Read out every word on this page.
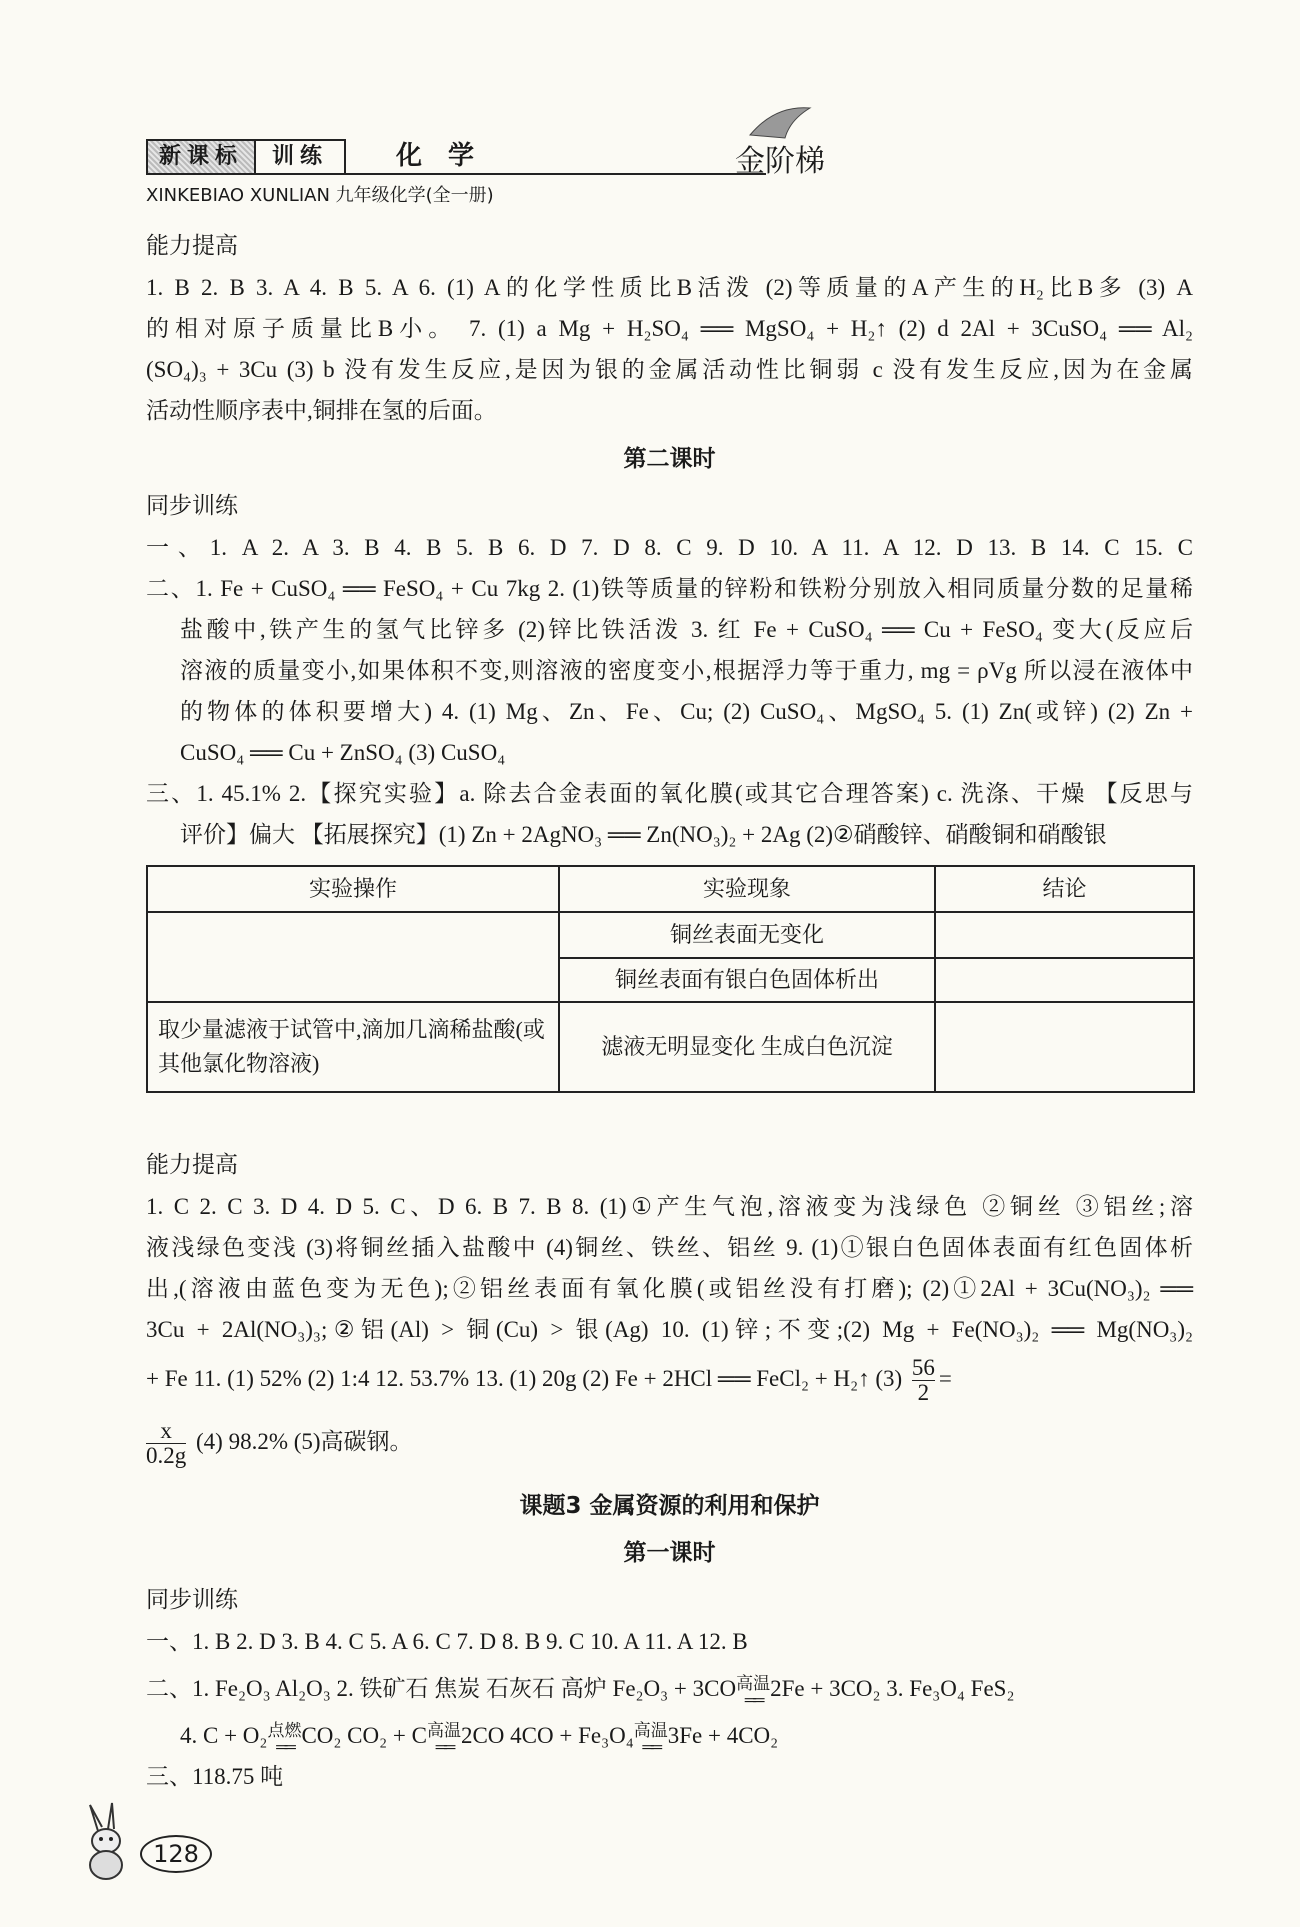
新课标	训练	化学	金阶梯
XINKEBIAO XUNLIAN 九年级化学(全一册)
能力提高
1. B 2. B 3. A 4. B 5. A 6. (1) A的化学性质比B活泼 (2)等质量的A产生的H₂比B多 (3) A
的相对原子质量比B小。 7. (1) a Mg + H₂SO₄ ══ MgSO₄ + H₂↑ (2) d 2Al + 3CuSO₄ ══ Al₂
(SO₄)₃ + 3Cu (3) b 没有发生反应,是因为银的金属活动性比铜弱 c 没有发生反应,因为在金属
活动性顺序表中,铜排在氢的后面。
第二课时
同步训练
一、1. A 2. A 3. B 4. B 5. B 6. D 7. D 8. C 9. D 10. A 11. A 12. D 13. B 14. C 15. C
二、1. Fe + CuSO₄ ══ FeSO₄ + Cu 7kg 2. (1)铁等质量的锌粉和铁粉分别放入相同质量分数的足量稀
盐酸中,铁产生的氢气比锌多 (2)锌比铁活泼 3. 红 Fe + CuSO₄ ══ Cu + FeSO₄ 变大(反应后
溶液的质量变小,如果体积不变,则溶液的密度变小,根据浮力等于重力, mg = ρVg 所以浸在液体中
的物体的体积要增大) 4. (1) Mg、Zn、Fe、Cu; (2) CuSO₄、MgSO₄ 5. (1) Zn(或锌) (2) Zn +
CuSO₄ ══ Cu + ZnSO₄ (3) CuSO₄
三、1. 45.1% 2.【探究实验】a. 除去合金表面的氧化膜(或其它合理答案) c. 洗涤、干燥 【反思与
评价】偏大 【拓展探究】(1) Zn + 2AgNO₃ ══ Zn(NO₃)₂ + 2Ag (2)②硝酸锌、硝酸铜和硝酸银
实验操作	实验现象	结论
	铜丝表面无变化	
	铜丝表面有银白色固体析出	
取少量滤液于试管中,滴加几滴稀盐酸(或其他氯化物溶液)	滤液无明显变化 生成白色沉淀	
能力提高
1. C 2. C 3. D 4. D 5. C、D 6. B 7. B 8. (1)①产生气泡,溶液变为浅绿色 ②铜丝 ③铝丝;溶
液浅绿色变浅 (3)将铜丝插入盐酸中 (4)铜丝、铁丝、铝丝 9. (1)①银白色固体表面有红色固体析
出,(溶液由蓝色变为无色);②铝丝表面有氧化膜(或铝丝没有打磨); (2)①2Al + 3Cu(NO₃)₂ ══
3Cu + 2Al(NO₃)₃;②铝(Al) > 铜(Cu) > 银(Ag) 10. (1)锌;不变;(2) Mg + Fe(NO₃)₂ ══ Mg(NO₃)₂
+ Fe 11. (1) 52% (2) 1:4 12. 53.7% 13. (1) 20g (2) Fe + 2HCl ══ FeCl₂ + H₂↑ $(3) \frac{56}{2}$ =
$\frac{x}{0.2g} (4)$ 98.2% (5)高碳钢。
课题3 金属资源的利用和保护
第一课时
同步训练
一、1. B 2. D 3. B 4. C 5. A 6. C 7. D 8. B 9. C 10. A 11. A 12. B
二、1. Fe₂O₃ Al₂O₃ 2. 铁矿石 焦炭 石灰石 高炉 Fe₂O₃ + 3CO 高温
══ 2Fe + 3CO₂ 3. Fe₃O₄ FeS₂
4. C + O₂ 点燃
══ CO₂ CO₂ + C 高温
══ 2CO 4CO + Fe₃O₄ 高温
══ 3Fe + 4CO₂
三、118.75 吨
128
